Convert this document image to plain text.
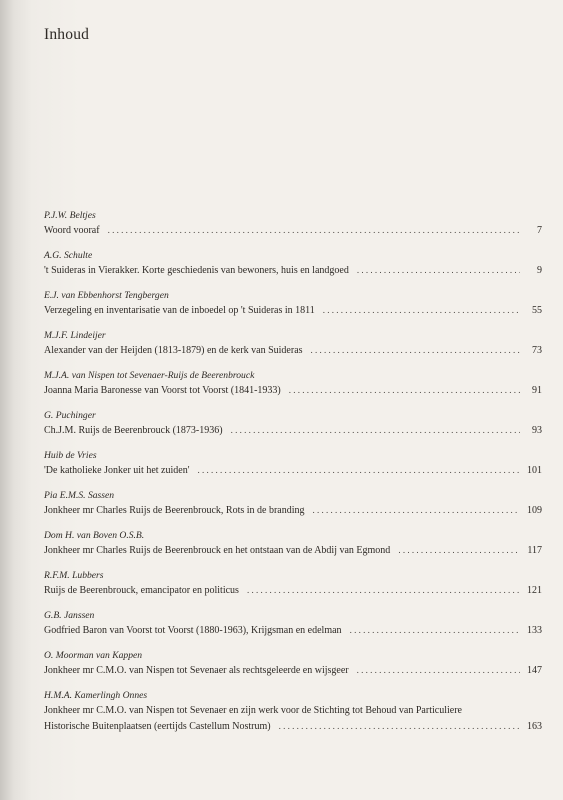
Inhoud
P.J.W. Beltjes
Woord vooraf . . .	7
A.G. Schulte
't Suideras in Vierakker. Korte geschiedenis van bewoners, huis en landgoed . . .	9
E.J. van Ebbenhorst Tengbergen
Verzegeling en inventarisatie van de inboedel op 't Suideras in 1811 . . .	55
M.J.F. Lindeijer
Alexander van der Heijden (1813-1879) en de kerk van Suideras . . .	73
M.J.A. van Nispen tot Sevenaer-Ruijs de Beerenbrouck
Joanna Maria Baronesse van Voorst tot Voorst (1841-1933) . . .	91
G. Puchinger
Ch.J.M. Ruijs de Beerenbrouck (1873-1936) . . .	93
Huib de Vries
'De katholieke Jonker uit het zuiden' . . .	101
Pia E.M.S. Sassen
Jonkheer mr Charles Ruijs de Beerenbrouck, Rots in de branding . . .	109
Dom H. van Boven O.S.B.
Jonkheer mr Charles Ruijs de Beerenbrouck en het ontstaan van de Abdij van Egmond . . .	117
R.F.M. Lubbers
Ruijs de Beerenbrouck, emancipator en politicus . . .	121
G.B. Janssen
Godfried Baron van Voorst tot Voorst (1880-1963), Krijgsman en edelman . . .	133
O. Moorman van Kappen
Jonkheer mr C.M.O. van Nispen tot Sevenaer als rechtsgeleerde en wijsgeer . . .	147
H.M.A. Kamerlingh Onnes
Jonkheer mr C.M.O. van Nispen tot Sevenaer en zijn werk voor de Stichting tot Behoud van Particuliere
Historische Buitenplaatsen (eertijds Castellum Nostrum) . . .	163
